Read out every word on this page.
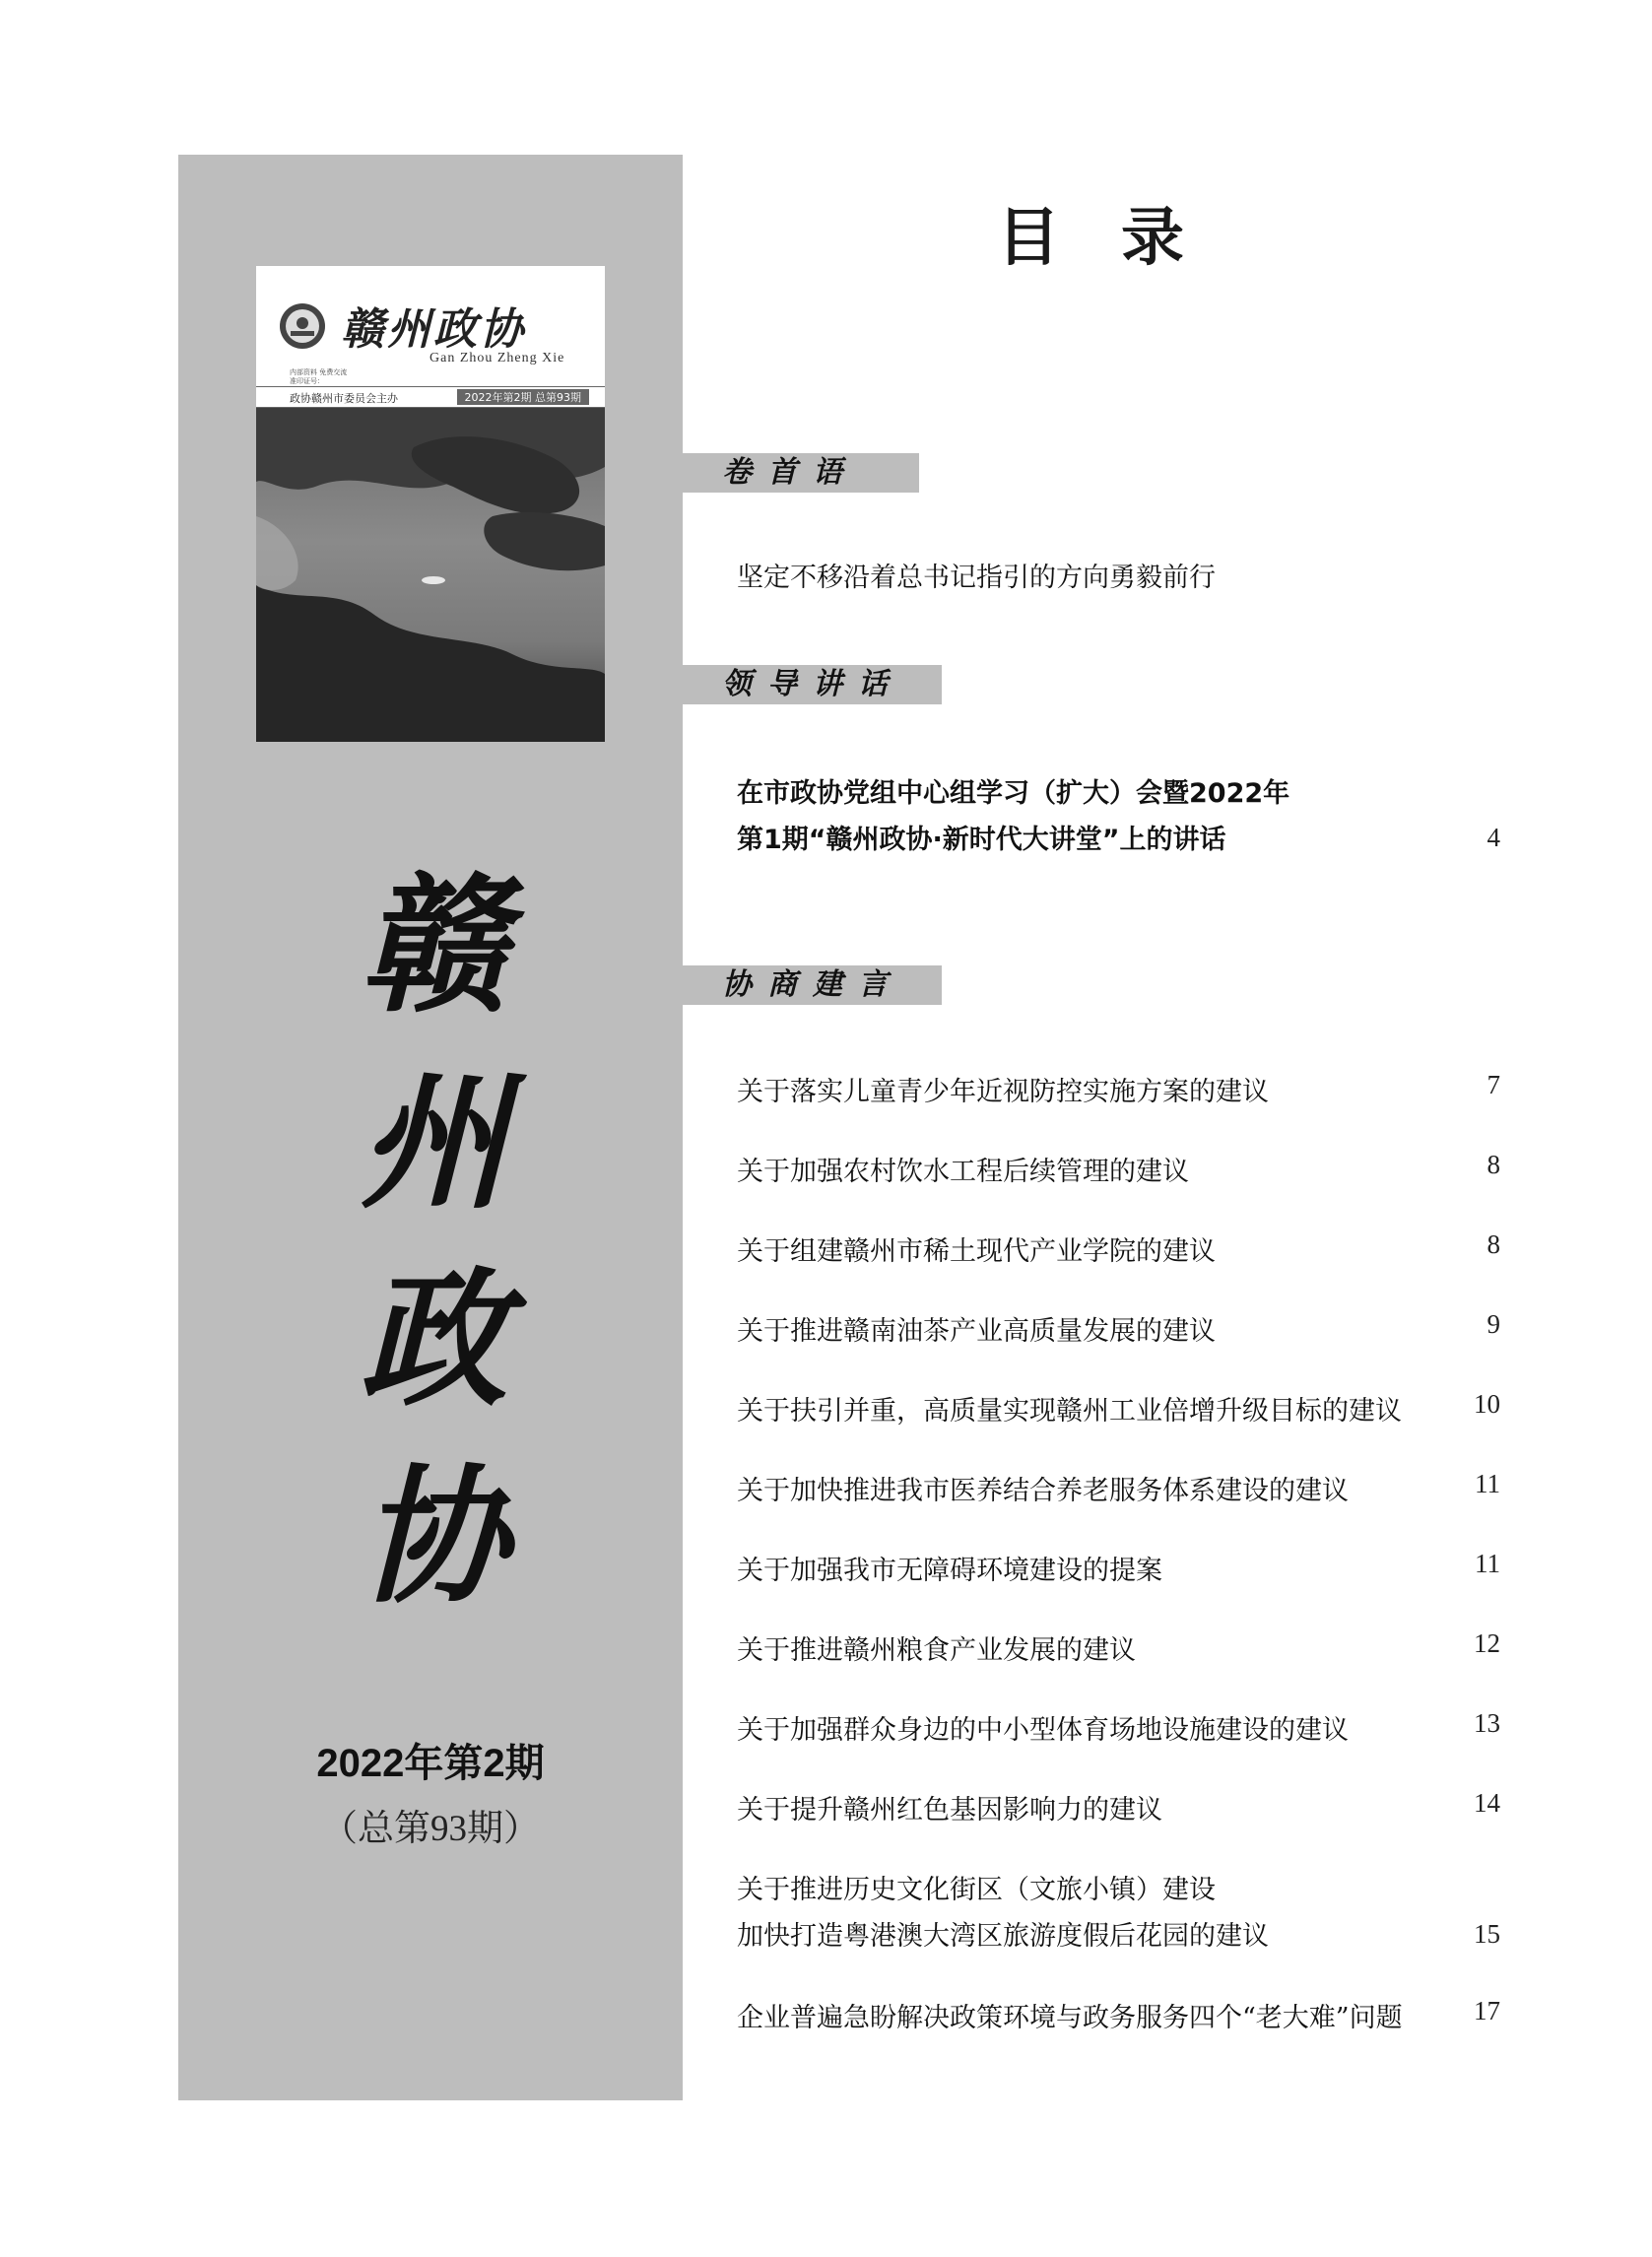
赣州政协
Gan Zhou Zheng Xie
内部资料 免费交流
准印证号：
政协赣州市委员会主办	2022年第2期 总第93期
赣
州
政
协
2022年第2期
（总第93期）
目录
卷首语
坚定不移沿着总书记指引的方向勇毅前行
领导讲话
在市政协党组中心组学习（扩大）会暨2022年
第1期“赣州政协·新时代大讲堂”上的讲话	4
协商建言
关于落实儿童青少年近视防控实施方案的建议	7
关于加强农村饮水工程后续管理的建议	8
关于组建赣州市稀土现代产业学院的建议	8
关于推进赣南油茶产业高质量发展的建议	9
关于扶引并重，高质量实现赣州工业倍增升级目标的建议	10
关于加快推进我市医养结合养老服务体系建设的建议	11
关于加强我市无障碍环境建设的提案	11
关于推进赣州粮食产业发展的建议	12
关于加强群众身边的中小型体育场地设施建设的建议	13
关于提升赣州红色基因影响力的建议	14
关于推进历史文化街区（文旅小镇）建设
加快打造粤港澳大湾区旅游度假后花园的建议	15
企业普遍急盼解决政策环境与政务服务四个“老大难”问题	17
